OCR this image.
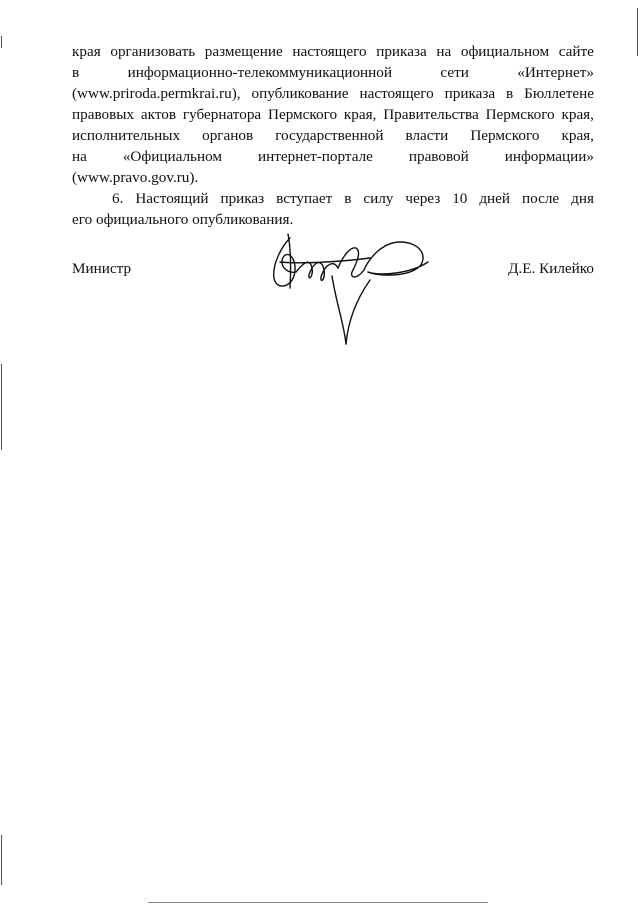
края организовать размещение настоящего приказа на официальном сайте
в	информационно-телекоммуникационной	сети	«Интернет»
(www.priroda.permkrai.ru), опубликование настоящего приказа в Бюллетене
правовых актов губернатора Пермского края, Правительства Пермского края,
исполнительных органов государственной власти Пермского края,
на «Официальном интернет-портале правовой информации»
(www.pravo.gov.ru).
6. Настоящий приказ вступает в силу через 10 дней после дня
его официального опубликования.
Министр	Д.Е. Килейко
